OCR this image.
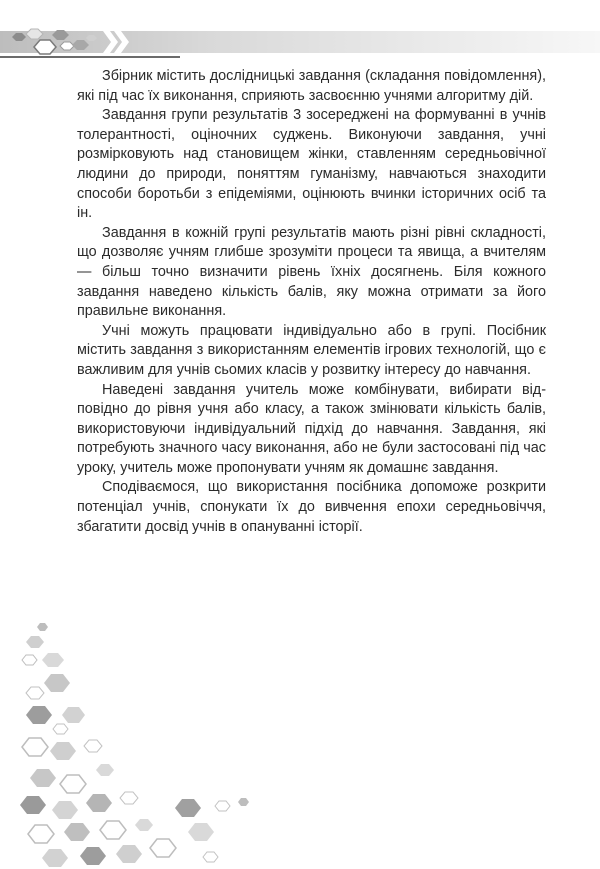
Збірник містить дослідницькі завдання (складання повідомлення), які під час їх виконання, сприяють засвоєнню учнями алгоритму дій.

Завдання групи результатів 3 зосереджені на формуванні в учнів толерантності, оціночних суджень. Виконуючи завдання, учні розмірковують над становищем жінки, ставленням середньовічної людини до природи, поняттям гуманізму, навчаються знаходити способи боротьби з епідеміями, оцінюють вчинки історичних осіб та ін.

Завдання в кожній групі результатів мають різні рівні складності, що дозволяє учням глибше зрозуміти процеси та явища, а вчителям — більш точно визначити рівень їхніх досягнень. Біля кожного завдання наведено кількість балів, яку можна отримати за його правильне виконання.

Учні можуть працювати індивідуально або в групі. Посібник містить завдання з використанням елементів ігрових технологій, що є важливим для учнів сьомих класів у розвитку інтересу до навчання.

Наведені завдання учитель може комбінувати, вибирати відповідно до рівня учня або класу, а також змінювати кількість балів, використовуючи індивідуальний підхід до навчання. Завдання, які потребують значного часу виконання, або не були застосовані під час уроку, учитель може пропонувати учням як домашнє завдання.

Сподіваємося, що використання посібника допоможе розкрити потенціал учнів, спонукати їх до вивчення епохи середньовіччя, збагатити досвід учнів в опануванні історії.
